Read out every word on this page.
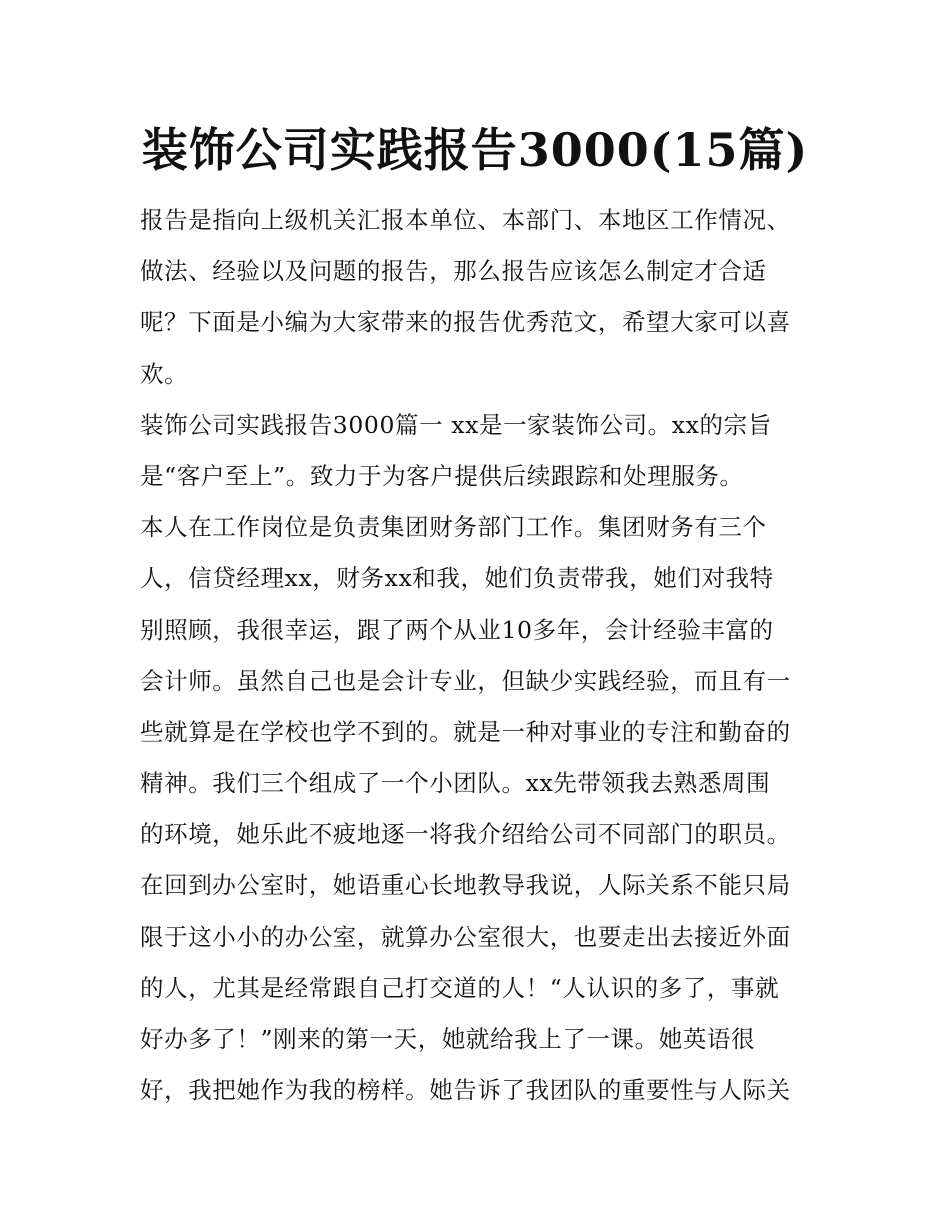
装饰公司实践报告3000(15篇)
报告是指向上级机关汇报本单位、本部门、本地区工作情况、
做法、经验以及问题的报告，那么报告应该怎么制定才合适
呢？下面是小编为大家带来的报告优秀范文，希望大家可以喜
欢。
装饰公司实践报告3000篇一 xx是一家装饰公司。xx的宗旨
是“客户至上”。致力于为客户提供后续跟踪和处理服务。
本人在工作岗位是负责集团财务部门工作。集团财务有三个
人，信贷经理xx，财务xx和我，她们负责带我，她们对我特
别照顾，我很幸运，跟了两个从业10多年，会计经验丰富的
会计师。虽然自己也是会计专业，但缺少实践经验，而且有一
些就算是在学校也学不到的。就是一种对事业的专注和勤奋的
精神。我们三个组成了一个小团队。xx先带领我去熟悉周围
的环境，她乐此不疲地逐一将我介绍给公司不同部门的职员。
在回到办公室时，她语重心长地教导我说，人际关系不能只局
限于这小小的办公室，就算办公室很大，也要走出去接近外面
的人，尤其是经常跟自己打交道的人！“人认识的多了，事就
好办多了！”刚来的第一天，她就给我上了一课。她英语很
好，我把她作为我的榜样。她告诉了我团队的重要性与人际关
